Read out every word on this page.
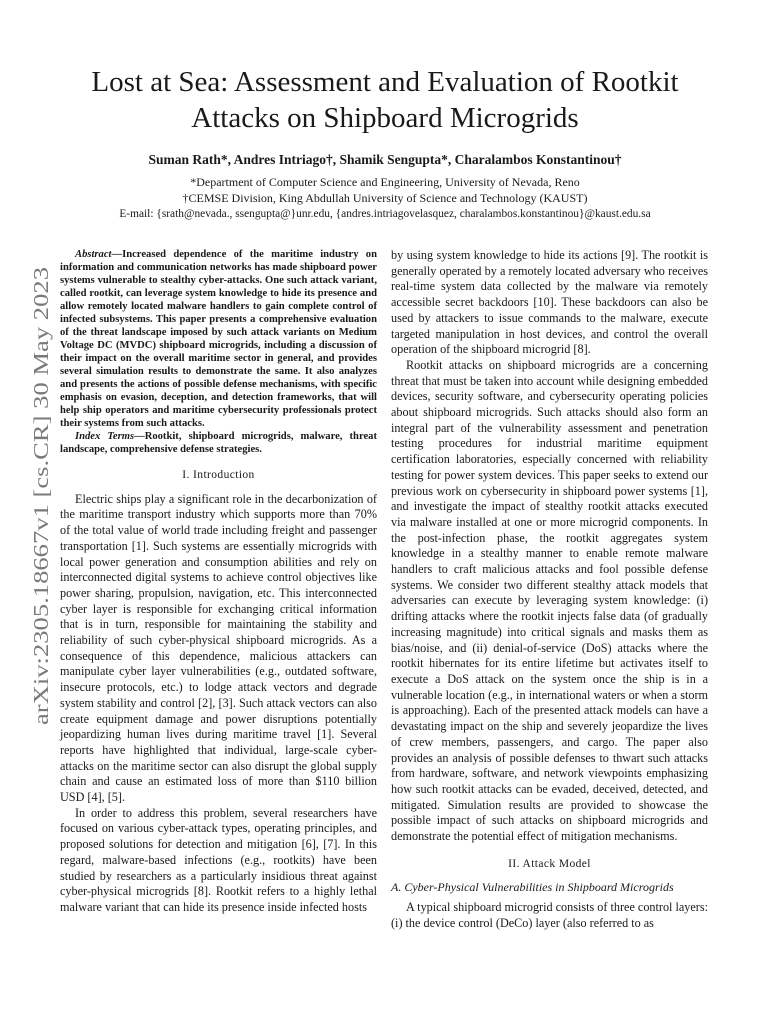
arXiv:2305.18667v1 [cs.CR] 30 May 2023
Lost at Sea: Assessment and Evaluation of Rootkit
Attacks on Shipboard Microgrids
Suman Rath*, Andres Intriago†, Shamik Sengupta*, Charalambos Konstantinou†
*Department of Computer Science and Engineering, University of Nevada, Reno
†CEMSE Division, King Abdullah University of Science and Technology (KAUST)
E-mail: {srath@nevada., ssengupta@}unr.edu, {andres.intriagovelasquez, charalambos.konstantinou}@kaust.edu.sa

Abstract—Increased dependence of the maritime industry on information and communication networks has made shipboard power systems vulnerable to stealthy cyber-attacks. One such attack variant, called rootkit, can leverage system knowledge to hide its presence and allow remotely located malware handlers to gain complete control of infected subsystems. This paper presents a comprehensive evaluation of the threat landscape imposed by such attack variants on Medium Voltage DC (MVDC) shipboard microgrids, including a discussion of their impact on the overall maritime sector in general, and provides several simulation results to demonstrate the same. It also analyzes and presents the actions of possible defense mechanisms, with specific emphasis on evasion, deception, and detection frameworks, that will help ship operators and maritime cybersecurity professionals protect their systems from such attacks.

Index Terms—Rootkit, shipboard microgrids, malware, threat landscape, comprehensive defense strategies.

I. Introduction

Electric ships play a significant role in the decarbonization of the maritime transport industry which supports more than 70% of the total value of world trade including freight and passenger transportation [1]. Such systems are essentially microgrids with local power generation and consumption abilities and rely on interconnected digital systems to achieve control objectives like power sharing, propulsion, navigation, etc. This interconnected cyber layer is responsible for exchanging critical information that is in turn, responsible for maintaining the stability and reliability of such cyber-physical shipboard microgrids. As a consequence of this dependence, malicious attackers can manipulate cyber layer vulnerabilities (e.g., outdated software, insecure protocols, etc.) to lodge attack vectors and degrade system stability and control [2], [3]. Such attack vectors can also create equipment damage and power disruptions potentially jeopardizing human lives during maritime travel [1]. Several reports have highlighted that individual, large-scale cyber-attacks on the maritime sector can also disrupt the global supply chain and cause an estimated loss of more than $110 billion USD [4], [5].

In order to address this problem, several researchers have focused on various cyber-attack types, operating principles, and proposed solutions for detection and mitigation [6], [7]. In this regard, malware-based infections (e.g., rootkits) have been studied by researchers as a particularly insidious threat against cyber-physical microgrids [8]. Rootkit refers to a highly lethal malware variant that can hide its presence inside infected hosts

by using system knowledge to hide its actions [9]. The rootkit is generally operated by a remotely located adversary who receives real-time system data collected by the malware via remotely accessible secret backdoors [10]. These backdoors can also be used by attackers to issue commands to the malware, execute targeted manipulation in host devices, and control the overall operation of the shipboard microgrid [8].

Rootkit attacks on shipboard microgrids are a concerning threat that must be taken into account while designing embedded devices, security software, and cybersecurity operating policies about shipboard microgrids. Such attacks should also form an integral part of the vulnerability assessment and penetration testing procedures for industrial maritime equipment certification laboratories, especially concerned with reliability testing for power system devices. This paper seeks to extend our previous work on cybersecurity in shipboard power systems [1], and investigate the impact of stealthy rootkit attacks executed via malware installed at one or more microgrid components. In the post-infection phase, the rootkit aggregates system knowledge in a stealthy manner to enable remote malware handlers to craft malicious attacks and fool possible defense systems. We consider two different stealthy attack models that adversaries can execute by leveraging system knowledge: (i) drifting attacks where the rootkit injects false data (of gradually increasing magnitude) into critical signals and masks them as bias/noise, and (ii) denial-of-service (DoS) attacks where the rootkit hibernates for its entire lifetime but activates itself to execute a DoS attack on the system once the ship is in a vulnerable location (e.g., in international waters or when a storm is approaching). Each of the presented attack models can have a devastating impact on the ship and severely jeopardize the lives of crew members, passengers, and cargo. The paper also provides an analysis of possible defenses to thwart such attacks from hardware, software, and network viewpoints emphasizing how such rootkit attacks can be evaded, deceived, detected, and mitigated. Simulation results are provided to showcase the possible impact of such attacks on shipboard microgrids and demonstrate the potential effect of mitigation mechanisms.

II. Attack Model
A. Cyber-Physical Vulnerabilities in Shipboard Microgrids

A typical shipboard microgrid consists of three control layers: (i) the device control (DeCo) layer (also referred to as
